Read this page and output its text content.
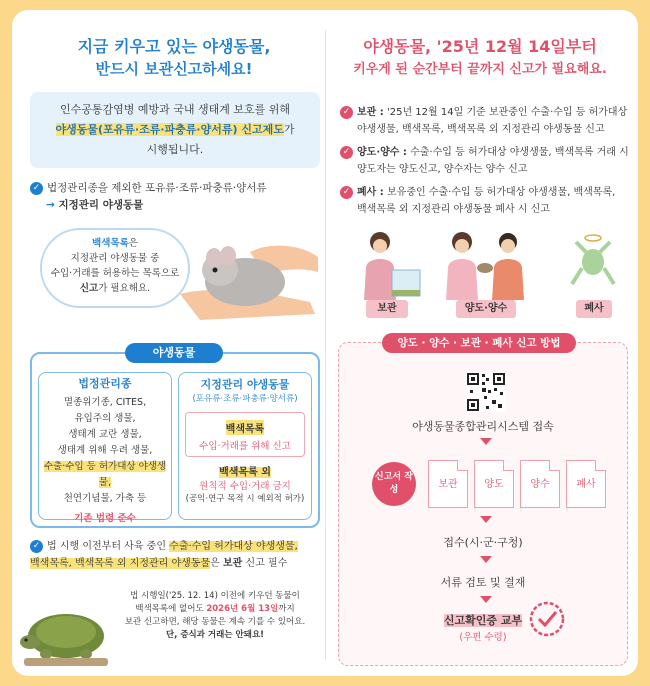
지금 키우고 있는 야생동물,
반드시 보관신고하세요!
인수공통감염병 예방과 국내 생태계 보호를 위해
야생동물(포유류·조류·파충류·양서류) 신고제도가
시행됩니다.
✓ 법정관리종을 제외한 포유류·조류·파충류·양서류
→ 지정관리 야생동물
백색목록은
지정관리 야생동물 중
수입·거래를 허용하는 목록으로
신고가 필요해요.
야생동물
법정관리종
멸종위기종, CITES,
유입주의 생물,
생태계 교란 생물,
생태계 위해 우려 생물,
수출·수입 등 허가대상 야생생물,
천연기념물, 가축 등
기존 법령 준수
지정관리 야생동물
(포유류·조류·파충류·양서류)
백색목록
수입·거래를 위해 신고
백색목록 외
원칙적 수입·거래 금지
(공익·연구 목적 시 예외적 허가)
✓ 법 시행 이전부터 사육 중인 수출·수입 허가대상 야생생물,
백색목록, 백색목록 외 지정관리 야생동물은 보관 신고 필수
법 시행일('25. 12. 14) 이전에 키우던 동물이
백색목록에 없어도 2026년 6월 13일까지
보관 신고하면, 해당 동물은 계속 기를 수 있어요.
단, 증식과 거래는 안돼요!
야생동물, '25년 12월 14일부터
키우게 된 순간부터 끝까지 신고가 필요해요.
✓ 보관 : '25년 12월 14일 기준 보관중인 수출·수입 등 허가대상
야생생물, 백색목록, 백색목록 외 지정관리 야생동물 신고
✓ 양도·양수 : 수출·수입 등 허가대상 야생생물, 백색목록 거래 시
양도자는 양도신고, 양수자는 양수 신고
✓ 폐사 : 보유중인 수출·수입 등 허가대상 야생생물, 백색목록,
백색목록 외 지정관리 야생동물 폐사 시 신고
보관	양도·양수	폐사
양도 · 양수 · 보관 · 폐사 신고 방법
야생동물종합관리시스템 접속
신고서 작성	보관	양도	양수	폐사
접수(시·군·구청)
서류 검토 및 결재
신고확인증 교부
(우편 수령)
